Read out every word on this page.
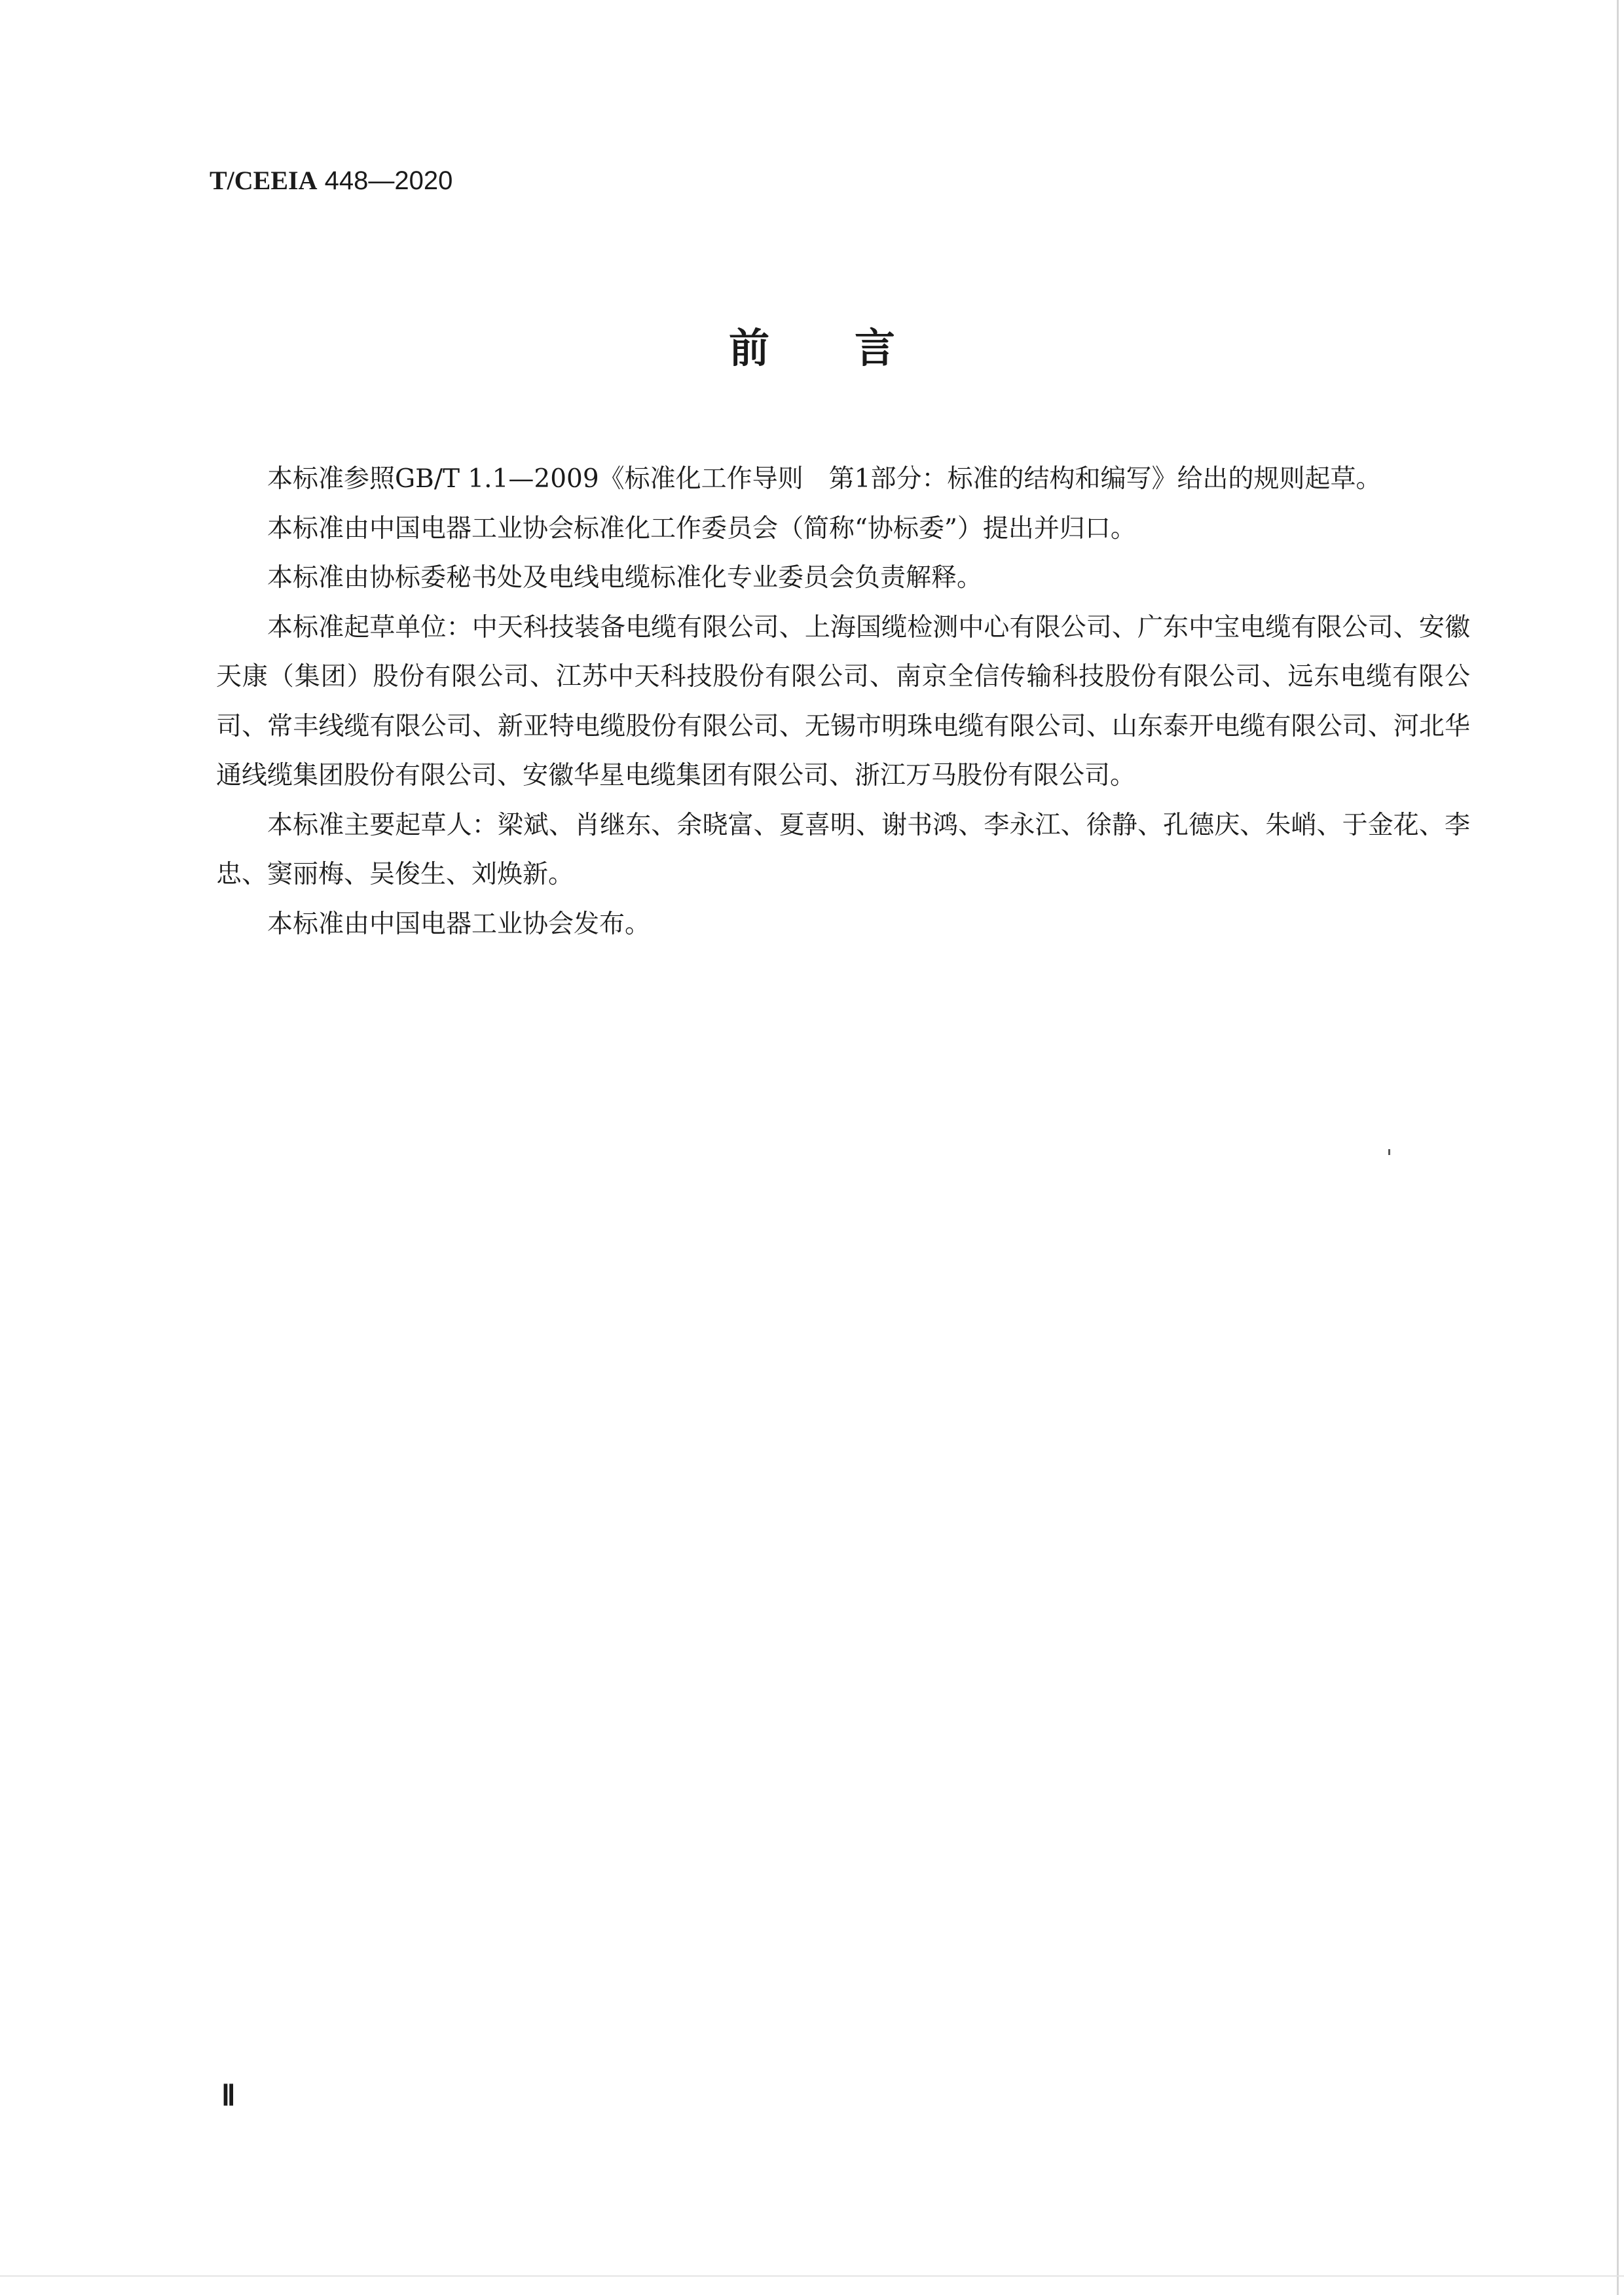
T/CEEIA 448—2020
前言

本标准参照GB/T 1.1—2009《标准化工作导则　第1部分：标准的结构和编写》给出的规则起草。

本标准由中国电器工业协会标准化工作委员会（简称“协标委”）提出并归口。

本标准由协标委秘书处及电线电缆标准化专业委员会负责解释。

本标准起草单位：中天科技装备电缆有限公司、上海国缆检测中心有限公司、广东中宝电缆有限公司、安徽天康（集团）股份有限公司、江苏中天科技股份有限公司、南京全信传输科技股份有限公司、远东电缆有限公司、常丰线缆有限公司、新亚特电缆股份有限公司、无锡市明珠电缆有限公司、山东泰开电缆有限公司、河北华通线缆集团股份有限公司、安徽华星电缆集团有限公司、浙江万马股份有限公司。

本标准主要起草人：梁斌、肖继东、余晓富、夏喜明、谢书鸿、李永江、徐静、孔德庆、朱峭、于金花、李忠、窦丽梅、吴俊生、刘焕新。

本标准由中国电器工业协会发布。

Ⅱ
